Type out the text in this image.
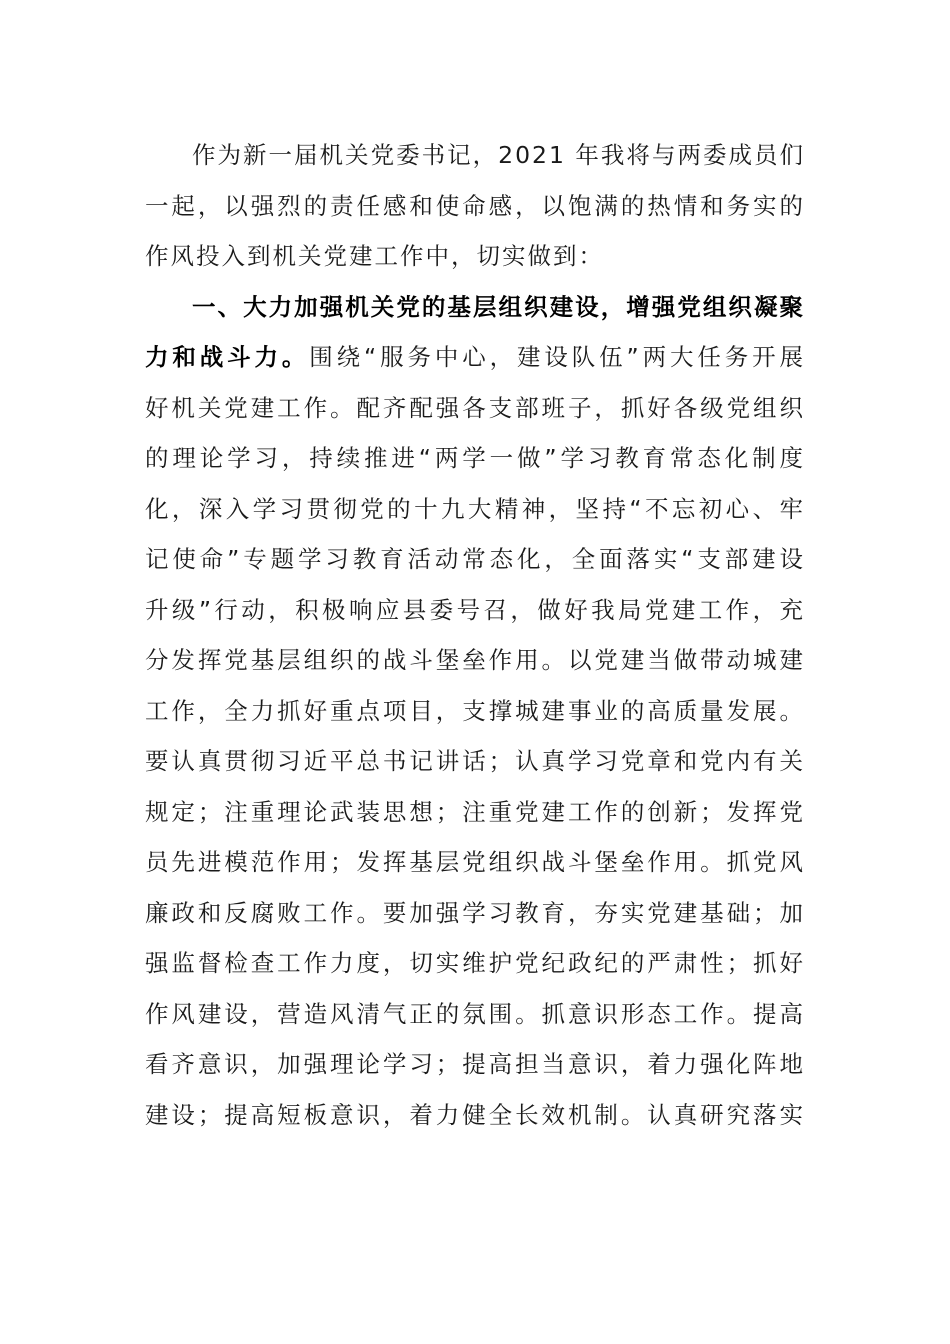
作为新一届机关党委书记，2021 年我将与两委成员们
一起，以强烈的责任感和使命感，以饱满的热情和务实的
作风投入到机关党建工作中，切实做到：
一、大力加强机关党的基层组织建设，增强党组织凝聚
力和战斗力。围绕“服务中心，建设队伍”两大任务开展
好机关党建工作。配齐配强各支部班子，抓好各级党组织
的理论学习，持续推进“两学一做”学习教育常态化制度
化，深入学习贯彻党的十九大精神，坚持“不忘初心、牢
记使命”专题学习教育活动常态化，全面落实“支部建设
升级”行动，积极响应县委号召，做好我局党建工作，充
分发挥党基层组织的战斗堡垒作用。以党建当做带动城建
工作，全力抓好重点项目，支撑城建事业的高质量发展。
要认真贯彻习近平总书记讲话；认真学习党章和党内有关
规定；注重理论武装思想；注重党建工作的创新；发挥党
员先进模范作用；发挥基层党组织战斗堡垒作用。抓党风
廉政和反腐败工作。要加强学习教育，夯实党建基础；加
强监督检查工作力度，切实维护党纪政纪的严肃性；抓好
作风建设，营造风清气正的氛围。抓意识形态工作。提高
看齐意识，加强理论学习；提高担当意识，着力强化阵地
建设；提高短板意识，着力健全长效机制。认真研究落实
